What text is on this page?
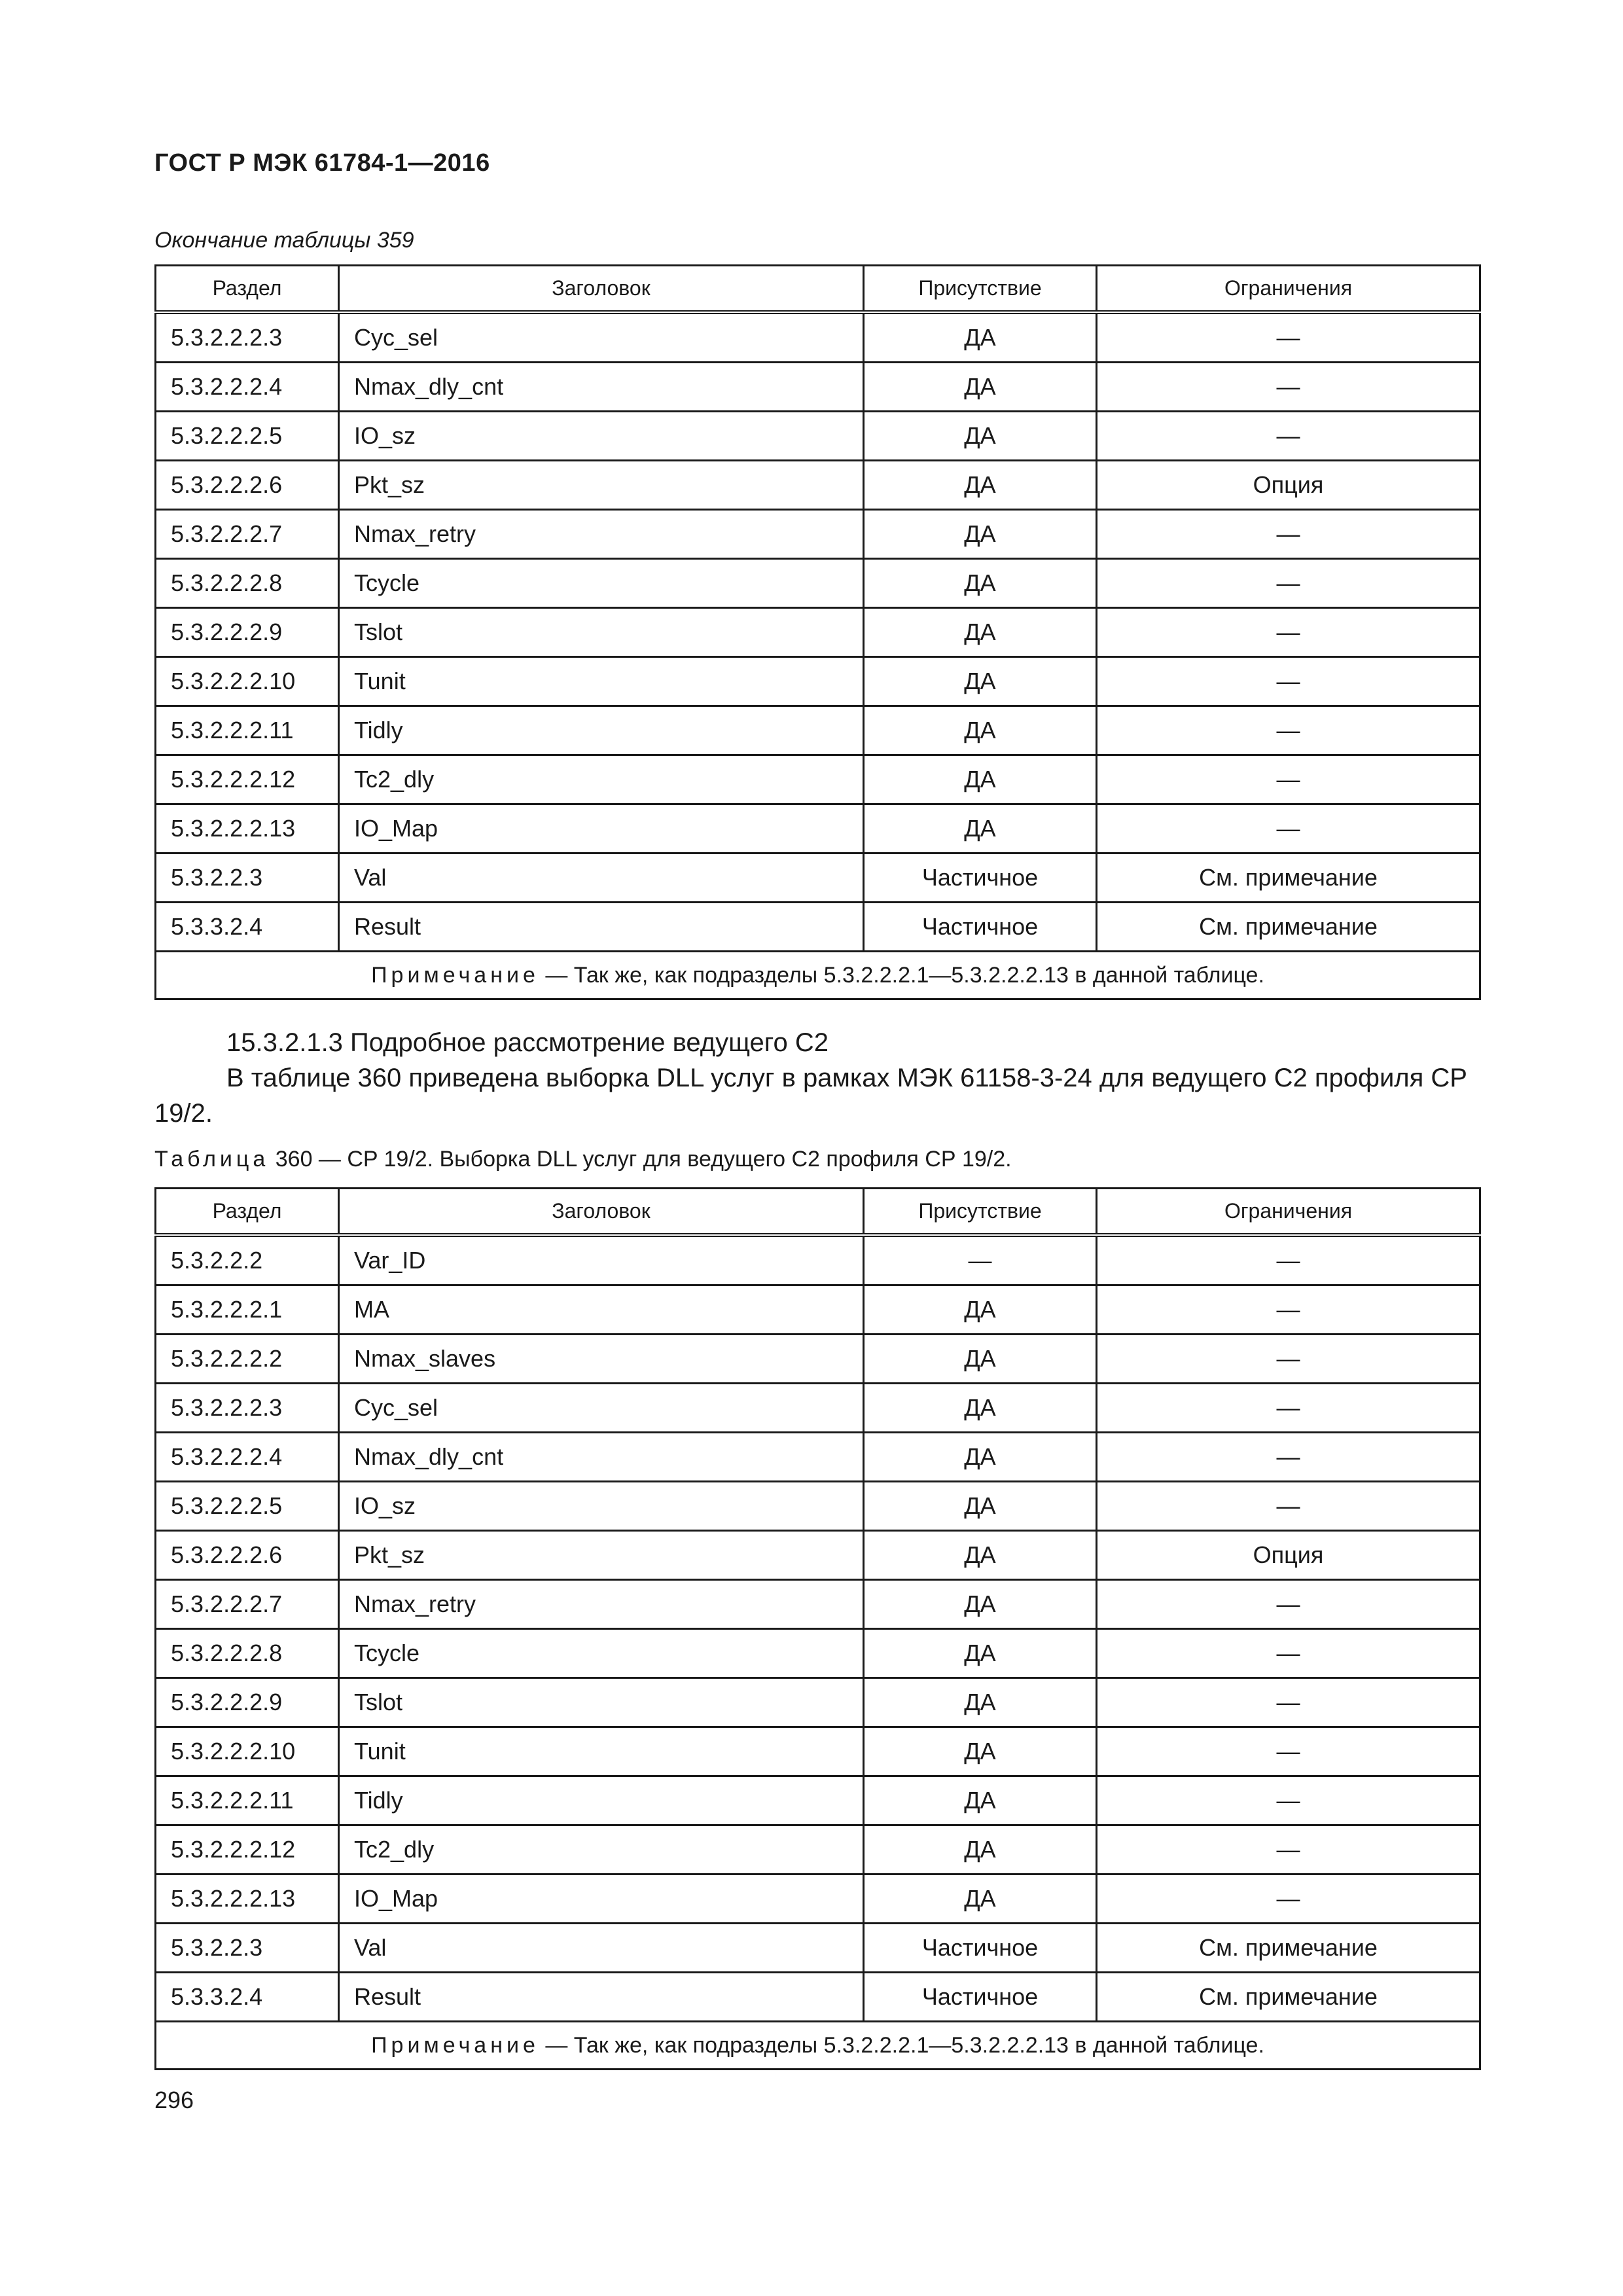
ГОСТ Р МЭК 61784-1—2016
Окончание таблицы 359
Раздел	Заголовок	Присутствие	Ограничения
5.3.2.2.2.3	Cyc_sel	ДА	—
5.3.2.2.2.4	Nmax_dly_cnt	ДА	—
5.3.2.2.2.5	IO_sz	ДА	—
5.3.2.2.2.6	Pkt_sz	ДА	Опция
5.3.2.2.2.7	Nmax_retry	ДА	—
5.3.2.2.2.8	Tcycle	ДА	—
5.3.2.2.2.9	Tslot	ДА	—
5.3.2.2.2.10	Tunit	ДА	—
5.3.2.2.2.11	Tidly	ДА	—
5.3.2.2.2.12	Tc2_dly	ДА	—
5.3.2.2.2.13	IO_Map	ДА	—
5.3.2.2.3	Val	Частичное	См. примечание
5.3.3.2.4	Result	Частичное	См. примечание
Примечание — Так же, как подразделы 5.3.2.2.2.1—5.3.2.2.2.13 в данной таблице.			
15.3.2.1.3 Подробное рассмотрение ведущего С2
В таблице 360 приведена выборка DLL услуг в рамках МЭК 61158-3-24 для ведущего С2 профиля СР 19/2.
Таблица 360 — CP 19/2. Выборка DLL услуг для ведущего С2 профиля СР 19/2.
Раздел	Заголовок	Присутствие	Ограничения
5.3.2.2.2	Var_ID	—	—
5.3.2.2.2.1	MA	ДА	—
5.3.2.2.2.2	Nmax_slaves	ДА	—
5.3.2.2.2.3	Cyc_sel	ДА	—
5.3.2.2.2.4	Nmax_dly_cnt	ДА	—
5.3.2.2.2.5	IO_sz	ДА	—
5.3.2.2.2.6	Pkt_sz	ДА	Опция
5.3.2.2.2.7	Nmax_retry	ДА	—
5.3.2.2.2.8	Tcycle	ДА	—
5.3.2.2.2.9	Tslot	ДА	—
5.3.2.2.2.10	Tunit	ДА	—
5.3.2.2.2.11	Tidly	ДА	—
5.3.2.2.2.12	Tc2_dly	ДА	—
5.3.2.2.2.13	IO_Map	ДА	—
5.3.2.2.3	Val	Частичное	См. примечание
5.3.3.2.4	Result	Частичное	См. примечание
Примечание — Так же, как подразделы 5.3.2.2.2.1—5.3.2.2.2.13 в данной таблице.			
296
